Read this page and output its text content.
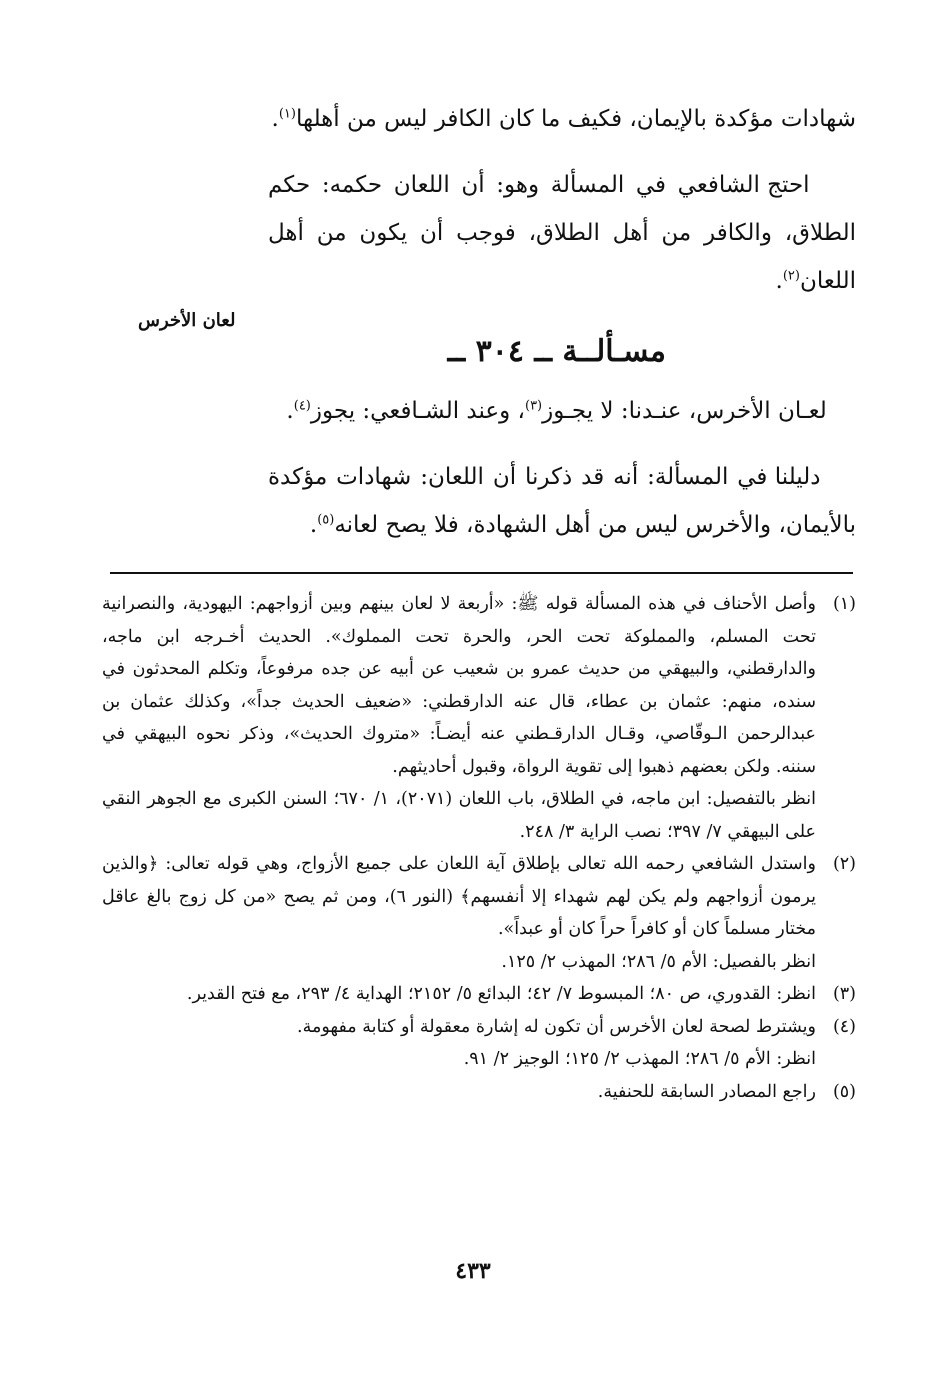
شهادات مؤكدة بالإيمان، فكيف ما كان الكافر ليس من أهلها$^{(١)}$.

احتج الشافعي في المسألة وهو: أن اللعان حكمه: حكم الطلاق، والكافر من أهل الطلاق، فوجب أن يكون من أهل اللعان$^{(٢)}$.

مسـألــة ــ ٣٠٤ ــ

لعـان الأخرس، عنـدنا: لا يجـوز$^{(٣)}$، وعند الشـافعي: يجوز$^{(٤)}$.

دليلنا في المسألة: أنه قد ذكرنا أن اللعان: شهادات مؤكدة بالأيمان، والأخرس ليس من أهل الشهادة، فلا يصح لعانه$^{(٥)}$.

لعان الأخرس
(١)

وأصل الأحناف في هذه المسألة قوله ﷺ: «أربعة لا لعان بينهم وبين أزواجهم: اليهودية، والنصرانية تحت المسلم، والمملوكة تحت الحر، والحرة تحت المملوك». الحديث أخـرجه ابن ماجه، والدارقطني، والبيهقي من حديث عمرو بن شعيب عن أبيه عن جده مرفوعاً، وتكلم المحدثون في سنده، منهم: عثمان بن عطاء، قال عنه الدارقطني: «ضعيف الحديث جداً»، وكذلك عثمان بن عبدالرحمن الـوقّاصي، وقـال الدارقـطني عنه أيضـاً: «متروك الحديث»، وذكر نحوه البيهقي في سننه. ولكن بعضهم ذهبوا إلى تقوية الرواة، وقبول أحاديثهم.

انظر بالتفصيل: ابن ماجه، في الطلاق، باب اللعان (٢٠٧١)، ١/ ٦٧٠؛ السنن الكبرى مع الجوهر النقي على البيهقي ٧/ ٣٩٧؛ نصب الراية ٣/ ٢٤٨.

(٢)

واستدل الشافعي رحمه الله تعالى بإطلاق آية اللعان على جميع الأزواج، وهي قوله تعالى: ﴿والذين يرمون أزواجهم ولم يكن لهم شهداء إلا أنفسهم﴾ (النور ٦)، ومن ثم يصح «من كل زوج بالغ عاقل مختار مسلماً كان أو كافراً حراً كان أو عبداً».

انظر بالفصيل: الأم ٥/ ٢٨٦؛ المهذب ٢/ ١٢٥.

(٣)

انظر: القدوري، ص ٨٠؛ المبسوط ٧/ ٤٢؛ البدائع ٥/ ٢١٥٢؛ الهداية ٤/ ٢٩٣، مع فتح القدير.

(٤)

ويشترط لصحة لعان الأخرس أن تكون له إشارة معقولة أو كتابة مفهومة.

انظر: الأم ٥/ ٢٨٦؛ المهذب ٢/ ١٢٥؛ الوجيز ٢/ ٩١.

(٥)

راجع المصادر السابقة للحنفية.

٤٣٣
